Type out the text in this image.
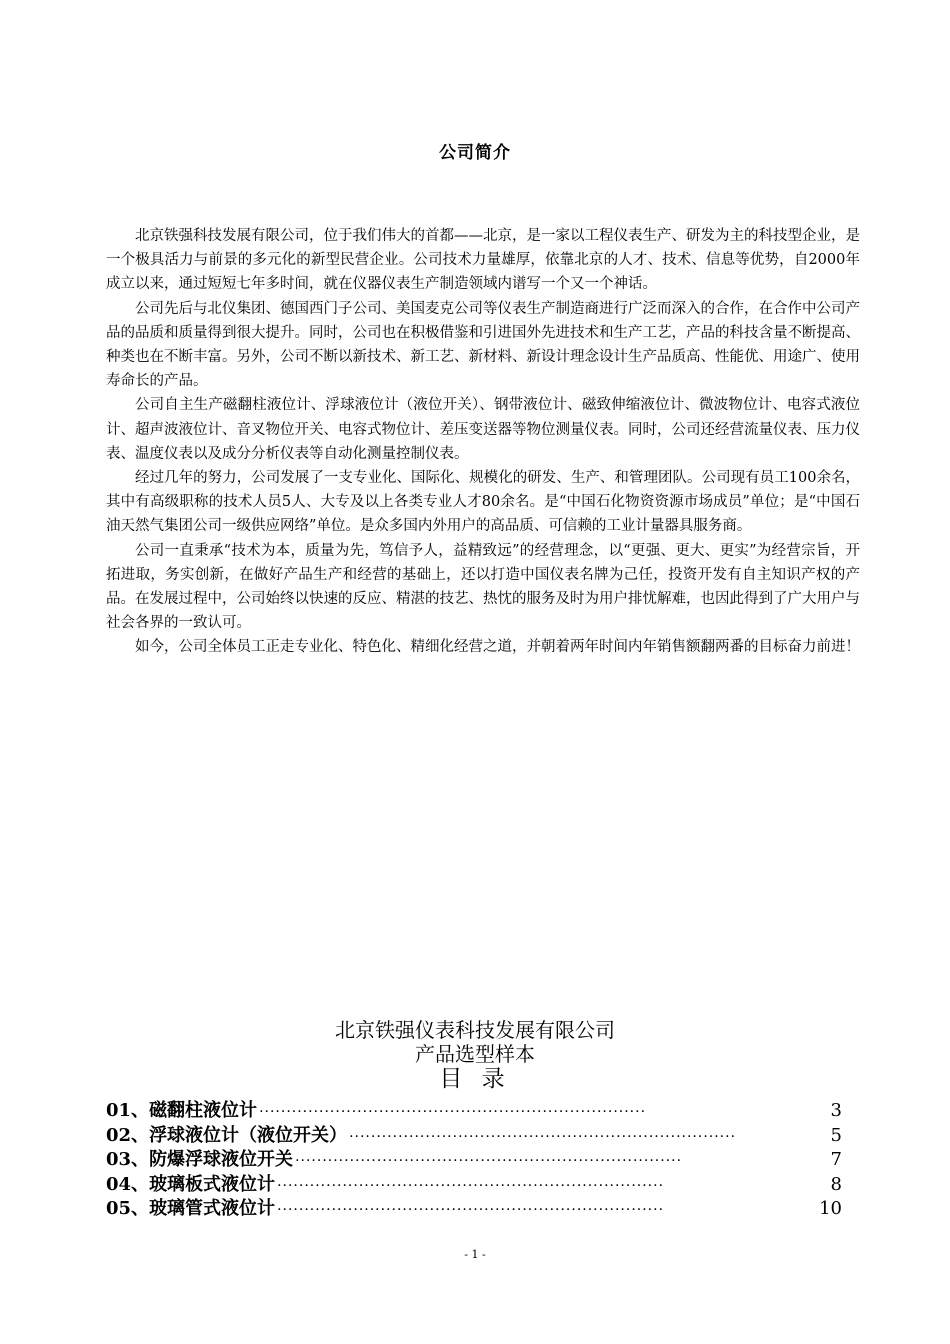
公司简介

北京铁强科技发展有限公司，位于我们伟大的首都——北京，是一家以工程仪表生产、研发为主的科技型企业，是一个极具活力与前景的多元化的新型民营企业。公司技术力量雄厚，依靠北京的人才、技术、信息等优势，自2000年成立以来，通过短短七年多时间，就在仪器仪表生产制造领域内谱写一个又一个神话。

公司先后与北仪集团、德国西门子公司、美国麦克公司等仪表生产制造商进行广泛而深入的合作，在合作中公司产品的品质和质量得到很大提升。同时，公司也在积极借鉴和引进国外先进技术和生产工艺，产品的科技含量不断提高、种类也在不断丰富。另外，公司不断以新技术、新工艺、新材料、新设计理念设计生产品质高、性能优、用途广、使用寿命长的产品。

公司自主生产磁翻柱液位计、浮球液位计（液位开关）、钢带液位计、磁致伸缩液位计、微波物位计、电容式液位计、超声波液位计、音叉物位开关、电容式物位计、差压变送器等物位测量仪表。同时，公司还经营流量仪表、压力仪表、温度仪表以及成分分析仪表等自动化测量控制仪表。

经过几年的努力，公司发展了一支专业化、国际化、规模化的研发、生产、和管理团队。公司现有员工100余名，其中有高级职称的技术人员5人、大专及以上各类专业人才80余名。是“中国石化物资资源市场成员”单位；是“中国石油天然气集团公司一级供应网络”单位。是众多国内外用户的高品质、可信赖的工业计量器具服务商。

公司一直秉承“技术为本，质量为先，笃信予人，益精致远”的经营理念，以“更强、更大、更实”为经营宗旨，开拓进取，务实创新，在做好产品生产和经营的基础上，还以打造中国仪表名牌为己任，投资开发有自主知识产权的产品。在发展过程中，公司始终以快速的反应、精湛的技艺、热忱的服务及时为用户排忧解难，也因此得到了广大用户与社会各界的一致认可。

如今，公司全体员工正走专业化、特色化、精细化经营之道，并朝着两年时间内年销售额翻两番的目标奋力前进！

北京铁强仪表科技发展有限公司
产品选型样本
目 录
01、 磁翻柱液位计 ·······································································	3
02、 浮球液位计（液位开关） ·······································································	5
03、 防爆浮球液位开关 ·······································································	7
04、 玻璃板式液位计 ·······································································	8
05、 玻璃管式液位计 ·······································································	10
- 1 -
